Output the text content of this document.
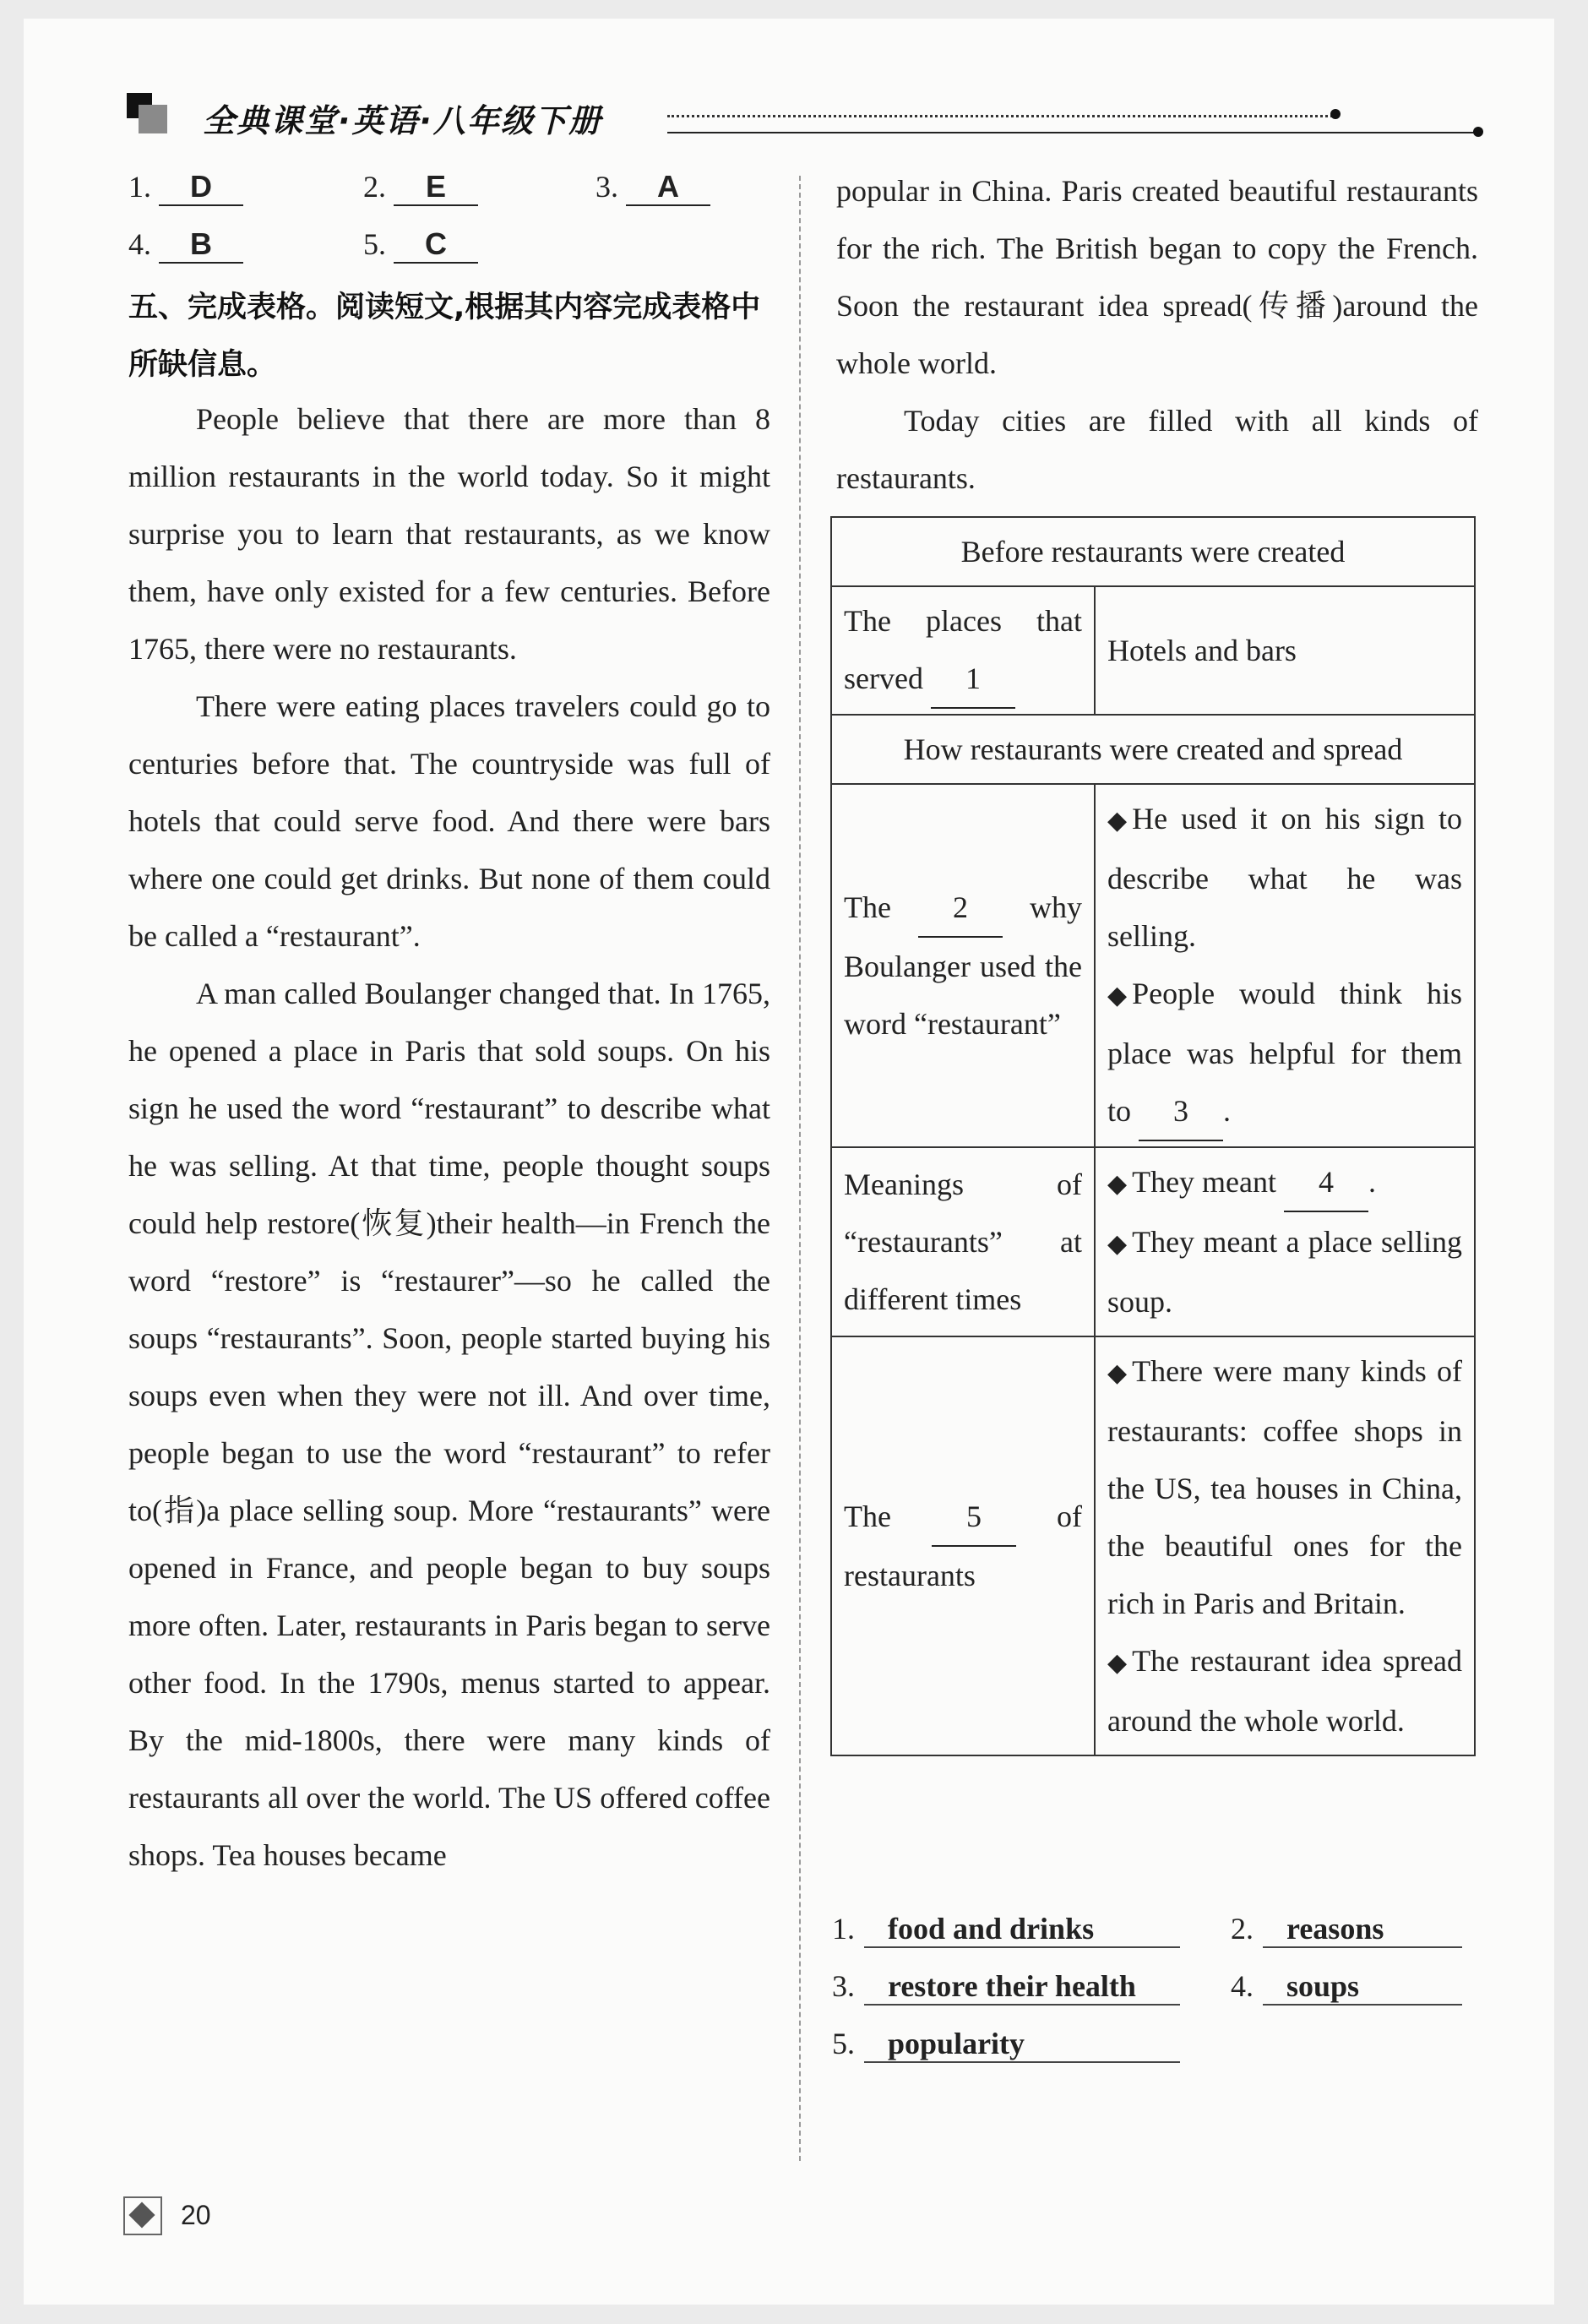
全典课堂·英语·八年级下册
1. D	2. E	3. A
4. B	5. C
五、完成表格。阅读短文,根据其内容完成表格中所缺信息。

People believe that there are more than 8 million restaurants in the world today. So it might surprise you to learn that restaurants, as we know them, have only existed for a few centuries. Before 1765, there were no restaurants.

There were eating places travelers could go to centuries before that. The countryside was full of hotels that could serve food. And there were bars where one could get drinks. But none of them could be called a “restaurant”.

A man called Boulanger changed that. In 1765, he opened a place in Paris that sold soups. On his sign he used the word “restaurant” to describe what he was selling. At that time, people thought soups could help restore(恢复)their health—in French the word “restore” is “restaurer”—so he called the soups “restaurants”. Soon, people started buying his soups even when they were not ill. And over time, people began to use the word “restaurant” to refer to(指)a place selling soup. More “restaurants” were opened in France, and people began to buy soups more often. Later, restaurants in Paris began to serve other food. In the 1790s, menus started to appear. By the mid-1800s, there were many kinds of restaurants all over the world. The US offered coffee shops. Tea houses became

popular in China. Paris created beautiful restaurants for the rich. The British began to copy the French. Soon the restaurant idea spread(传播)around the whole world.

Today cities are filled with all kinds of restaurants.

Before restaurants were created	
The places that served 1	Hotels and bars
How restaurants were created and spread	
The 2 why Boulanger used the word “restaurant”	◆ He used it on his sign to describe what he was selling.
◆ People would think his place was helpful for them to 3 .

Meanings of “restaurants” at different times	◆ They meant 4 .
◆ They meant a place selling soup.

The 5 of restaurants	◆ There were many kinds of restaurants: coffee shops in the US, tea houses in China, the beautiful ones for the rich in Paris and Britain.
◆ The restaurant idea spread around the whole world.
1. food and drinks	2. reasons
3. restore their health	4. soups
5. popularity
20
